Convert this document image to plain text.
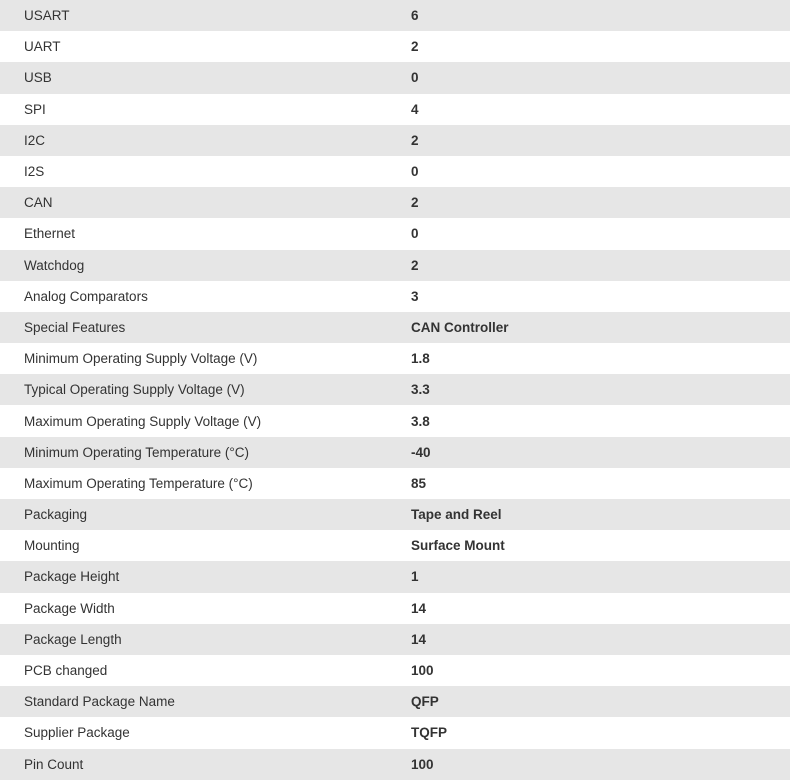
USART	6
UART	2
USB	0
SPI	4
I2C	2
I2S	0
CAN	2
Ethernet	0
Watchdog	2
Analog Comparators	3
Special Features	CAN Controller
Minimum Operating Supply Voltage (V)	1.8
Typical Operating Supply Voltage (V)	3.3
Maximum Operating Supply Voltage (V)	3.8
Minimum Operating Temperature (°C)	-40
Maximum Operating Temperature (°C)	85
Packaging	Tape and Reel
Mounting	Surface Mount
Package Height	1
Package Width	14
Package Length	14
PCB changed	100
Standard Package Name	QFP
Supplier Package	TQFP
Pin Count	100
